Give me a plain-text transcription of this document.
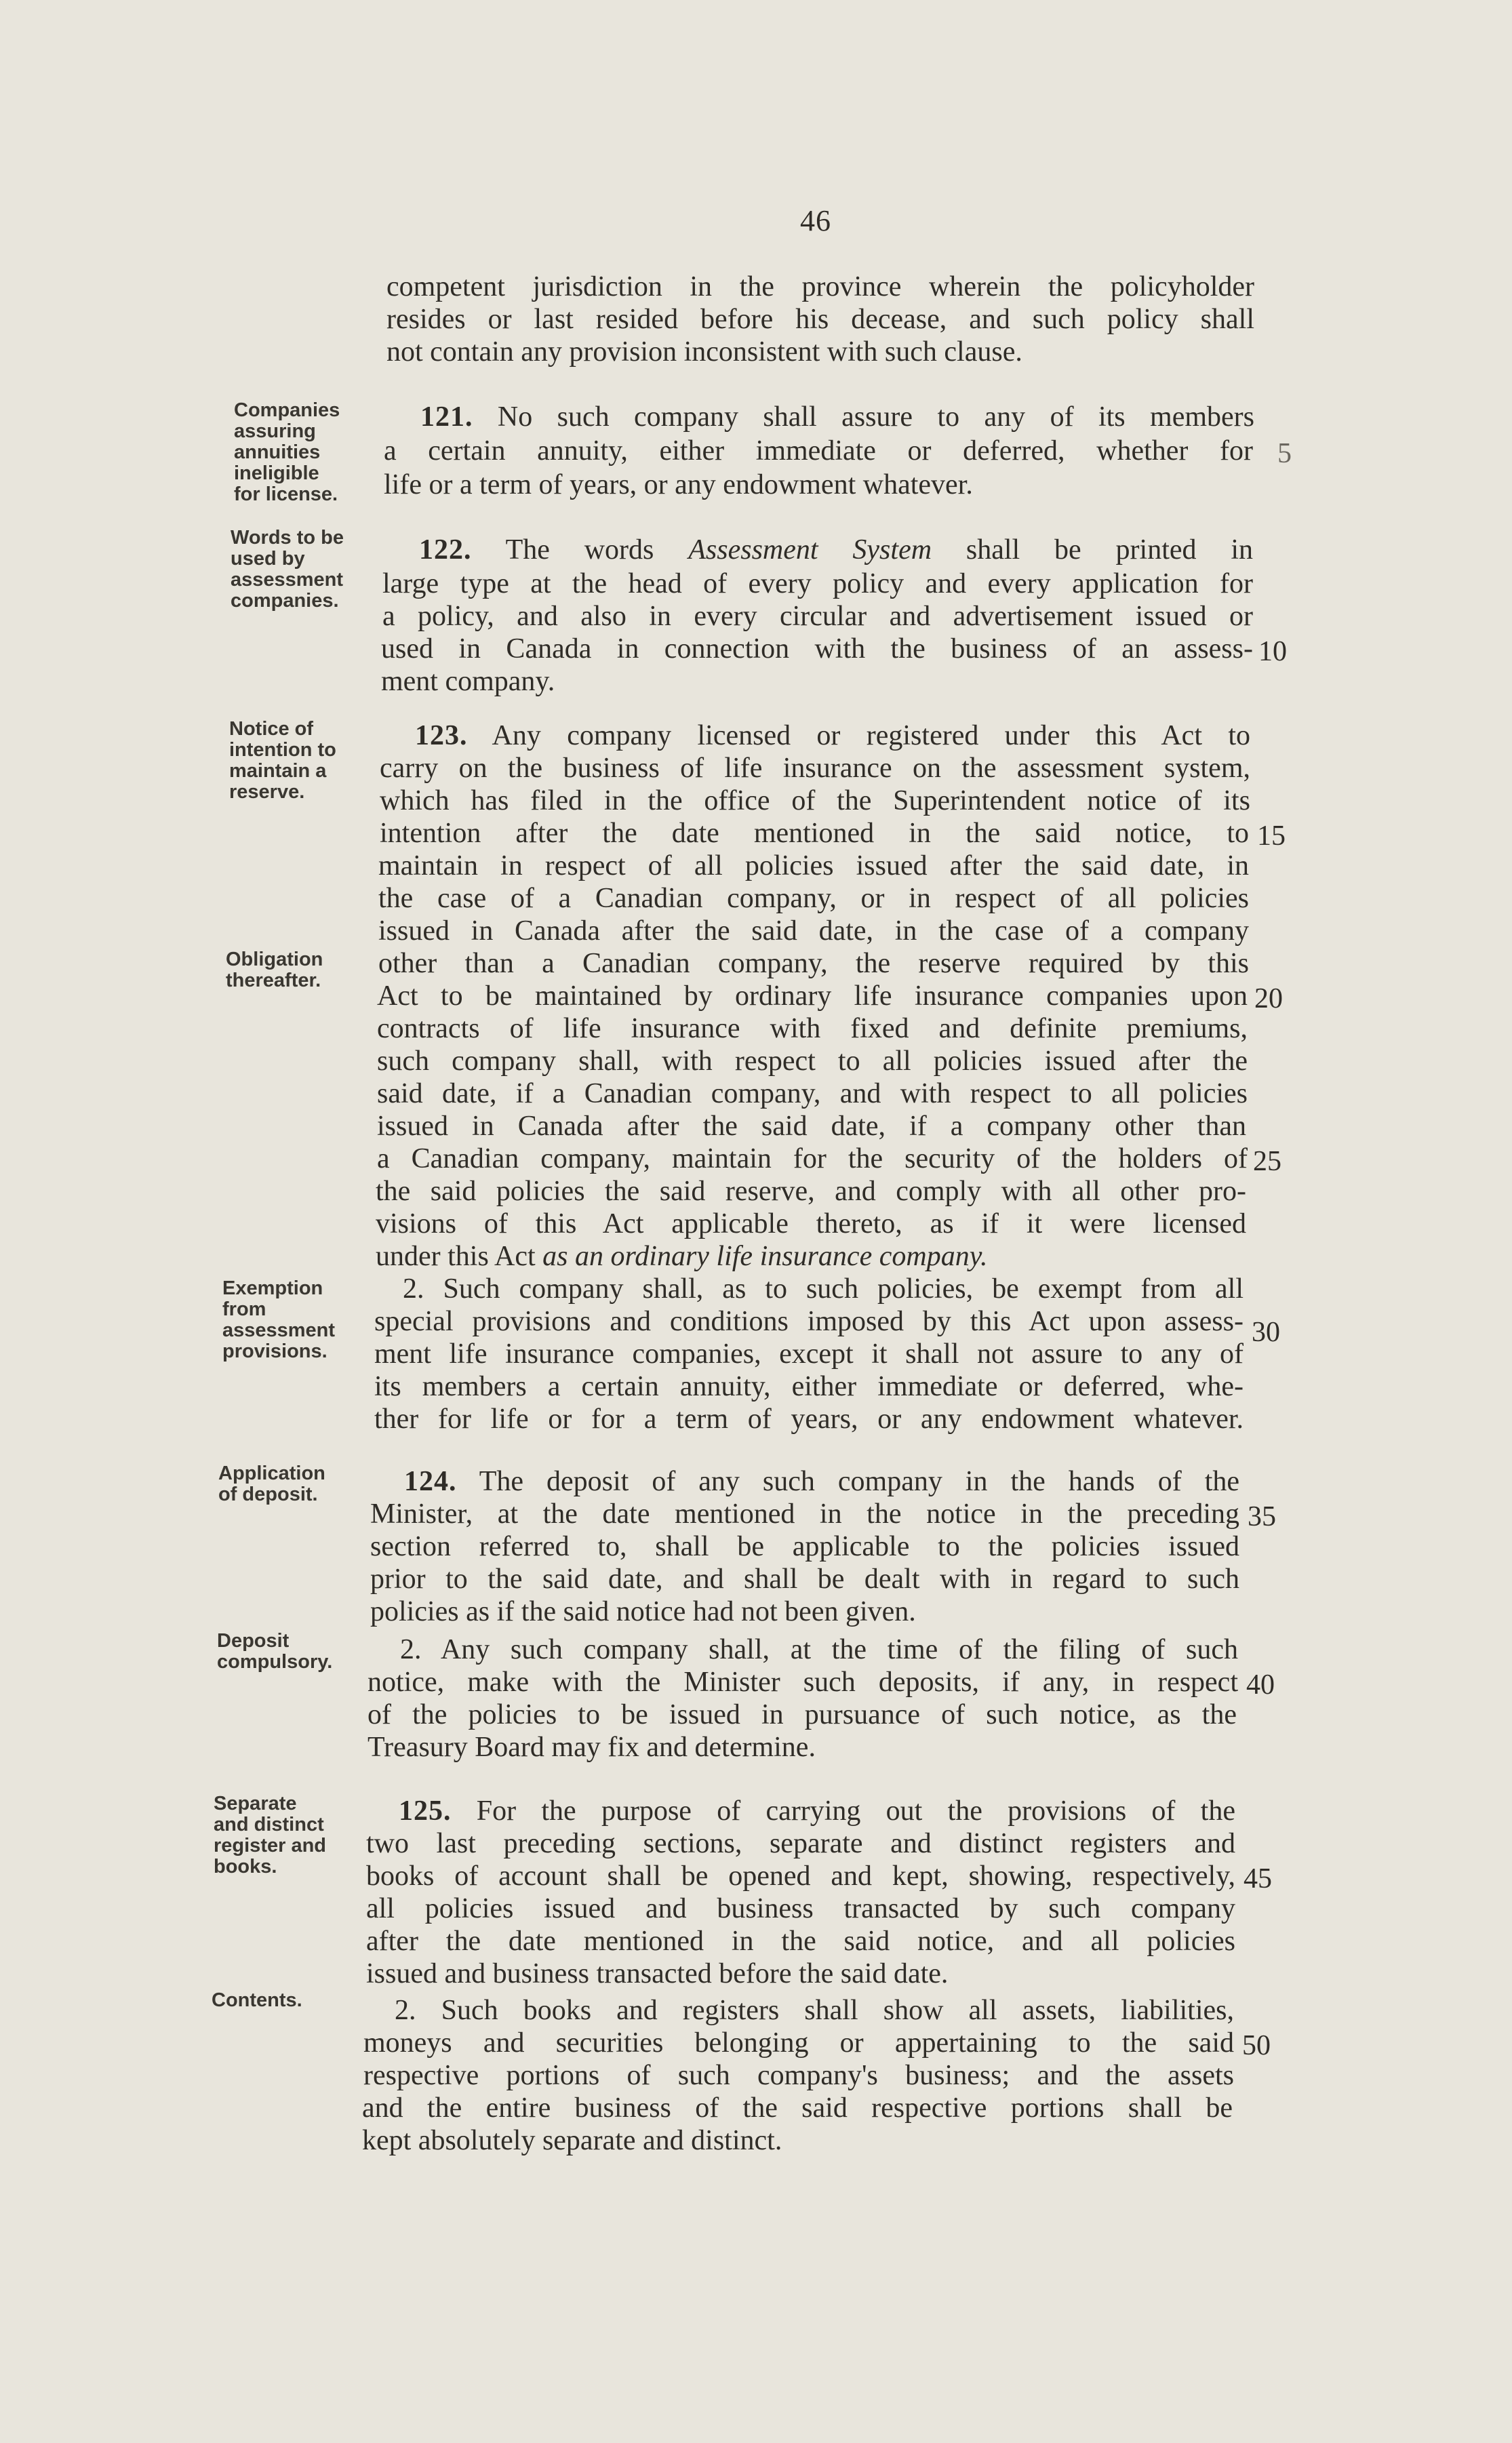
46
Companies
assuring
annuities
ineligible
for license.
Words to be
used by
assessment
companies.
Notice of
intention to
maintain a
reserve.
Obligation
thereafter.
Exemption
from
assessment
provisions.
Application
of deposit.
Deposit
compulsory.
Separate
and distinct
register and
books.
Contents.
competent jurisdiction in the province wherein the policyholder
resides or last resided before his decease, and such policy shall
not contain any provision inconsistent with such clause.
121. No such company shall assure to any of its members
a certain annuity, either immediate or deferred, whether for
life or a term of years, or any endowment whatever.
122. The words Assessment System shall be printed in
large type at the head of every policy and every application for
a policy, and also in every circular and advertisement issued or
used in Canada in connection with the business of an assess-
ment company.
123. Any company licensed or registered under this Act to
carry on the business of life insurance on the assessment system,
which has filed in the office of the Superintendent notice of its
intention after the date mentioned in the said notice, to
maintain in respect of all policies issued after the said date, in
the case of a Canadian company, or in respect of all policies
issued in Canada after the said date, in the case of a company
other than a Canadian company, the reserve required by this
Act to be maintained by ordinary life insurance companies upon
contracts of life insurance with fixed and definite premiums,
such company shall, with respect to all policies issued after the
said date, if a Canadian company, and with respect to all policies
issued in Canada after the said date, if a company other than
a Canadian company, maintain for the security of the holders of
the said policies the said reserve, and comply with all other pro-
visions of this Act applicable thereto, as if it were licensed
under this Act as an ordinary life insurance company.
2. Such company shall, as to such policies, be exempt from all
special provisions and conditions imposed by this Act upon assess-
ment life insurance companies, except it shall not assure to any of
its members a certain annuity, either immediate or deferred, whe-
ther for life or for a term of years, or any endowment whatever.
124. The deposit of any such company in the hands of the
Minister, at the date mentioned in the notice in the preceding
section referred to, shall be applicable to the policies issued
prior to the said date, and shall be dealt with in regard to such
policies as if the said notice had not been given.
2. Any such company shall, at the time of the filing of such
notice, make with the Minister such deposits, if any, in respect
of the policies to be issued in pursuance of such notice, as the
Treasury Board may fix and determine.
125. For the purpose of carrying out the provisions of the
two last preceding sections, separate and distinct registers and
books of account shall be opened and kept, showing, respectively,
all policies issued and business transacted by such company
after the date mentioned in the said notice, and all policies
issued and business transacted before the said date.
2. Such books and registers shall show all assets, liabilities,
moneys and securities belonging or appertaining to the said
respective portions of such company's business; and the assets
and the entire business of the said respective portions shall be
kept absolutely separate and distinct.
5
10
15
20
25
30
35
40
45
50
